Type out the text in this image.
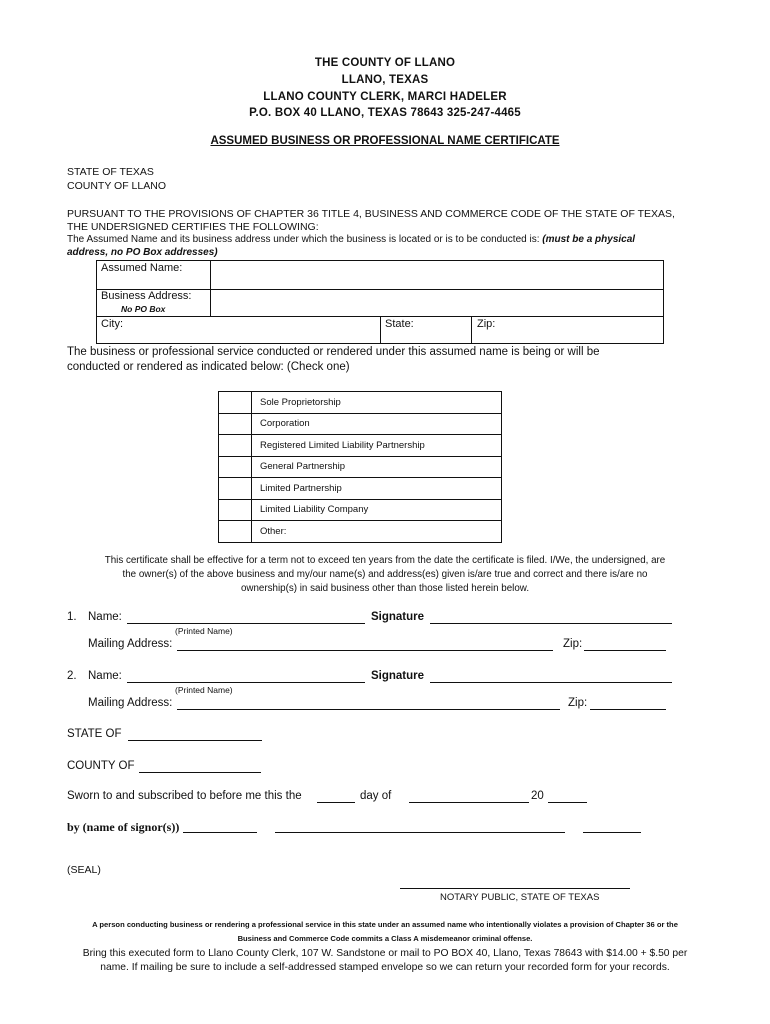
THE COUNTY OF LLANO
LLANO, TEXAS
LLANO COUNTY CLERK, MARCI HADELER
P.O. BOX 40 LLANO, TEXAS 78643 325-247-4465
ASSUMED BUSINESS OR PROFESSIONAL NAME CERTIFICATE
STATE OF TEXAS
COUNTY OF LLANO
PURSUANT TO THE PROVISIONS OF CHAPTER 36 TITLE 4, BUSINESS AND COMMERCE CODE OF THE STATE OF TEXAS,
THE UNDERSIGNED CERTIFIES THE FOLLOWING:
The Assumed Name and its business address under which the business is located or is to be conducted is: (must be a physical
address, no PO Box addresses)
Assumed Name:
Business Address:
No PO Box
City:	State:	Zip:
The business or professional service conducted or rendered under this assumed name is being or will be
conducted or rendered as indicated below: (Check one)
Sole Proprietorship
Corporation
Registered Limited Liability Partnership
General Partnership
Limited Partnership
Limited Liability Company
Other:
This certificate shall be effective for a term not to exceed ten years from the date the certificate is filed. I/We, the undersigned, are
the owner(s) of the above business and my/our name(s) and address(es) given is/are true and correct and there is/are no
ownership(s) in said business other than those listed herein below.
1. Name:
(Printed Name)
Signature
Mailing Address:	Zip:
2. Name:
(Printed Name)
Signature
Mailing Address:	Zip:
STATE OF
COUNTY OF
Sworn to and subscribed to before me this the	day of	20
by (name of signor(s))
(SEAL)
NOTARY PUBLIC, STATE OF TEXAS
A person conducting business or rendering a professional service in this state under an assumed name who intentionally violates a provision of Chapter 36 or the
Business and Commerce Code commits a Class A misdemeanor criminal offense.
Bring this executed form to Llano County Clerk, 107 W. Sandstone or mail to PO BOX 40, Llano, Texas 78643 with $14.00 + $.50 per
name. If mailing be sure to include a self-addressed stamped envelope so we can return your recorded form for your records.
